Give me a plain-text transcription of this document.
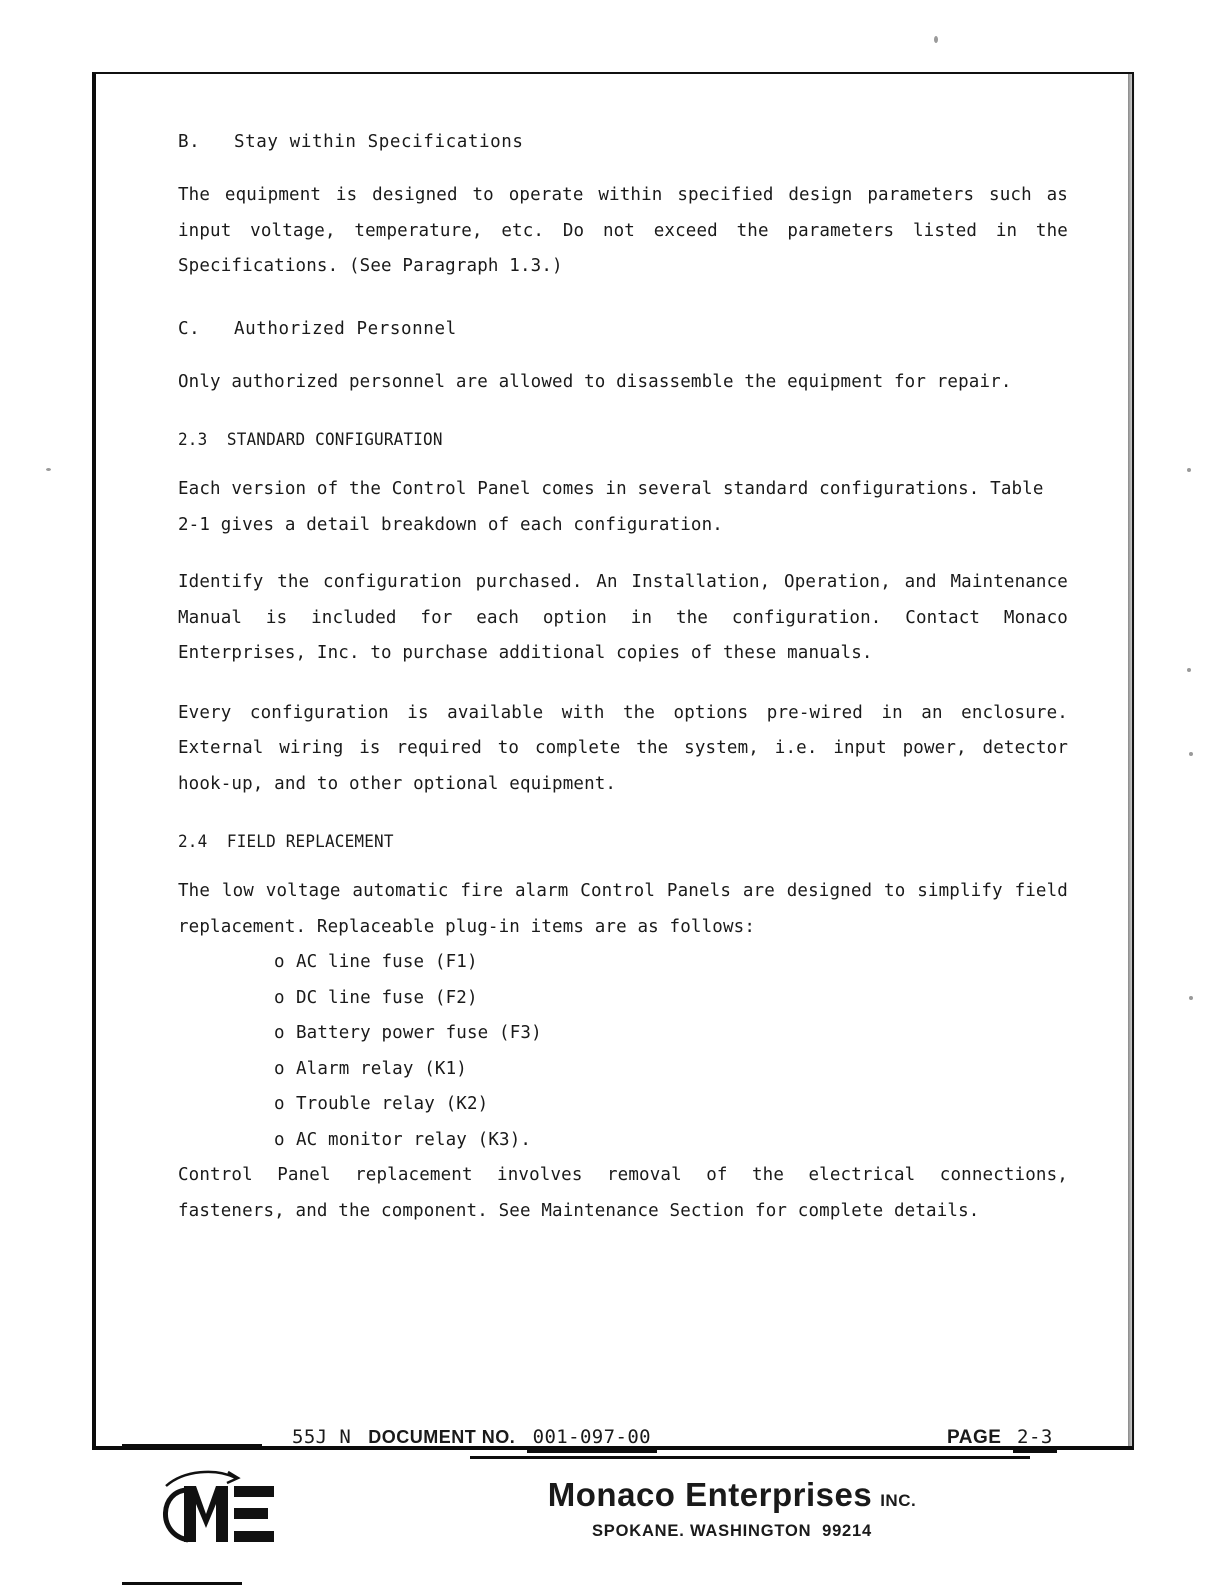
B. Stay within Specifications

The equipment is designed to operate within specified design parameters such as input voltage, temperature, etc. Do not exceed the parameters listed in the Specifications. (See Paragraph 1.3.)

C. Authorized Personnel

Only authorized personnel are allowed to disassemble the equipment for repair.

2.3 STANDARD CONFIGURATION

Each version of the Control Panel comes in several standard configurations. Table 2-1 gives a detail breakdown of each configuration.

Identify the configuration purchased. An Installation, Operation, and Maintenance Manual is included for each option in the configuration. Contact Monaco Enterprises, Inc. to purchase additional copies of these manuals.

Every configuration is available with the options pre-wired in an enclosure. External wiring is required to complete the system, i.e. input power, detector hook-up, and to other optional equipment.

2.4 FIELD REPLACEMENT

The low voltage automatic fire alarm Control Panels are designed to simplify field replacement. Replaceable plug-in items are as follows:

o AC line fuse (F1)
o DC line fuse (F2)
o Battery power fuse (F3)
o Alarm relay (K1)
o Trouble relay (K2)
o AC monitor relay (K3).

Control Panel replacement involves removal of the electrical connections, fasteners, and the component. See Maintenance Section for complete details.

55J N DOCUMENT NO. 001-097-00	PAGE 2-3
Monaco Enterprises INC.
SPOKANE. WASHINGTON  99214
